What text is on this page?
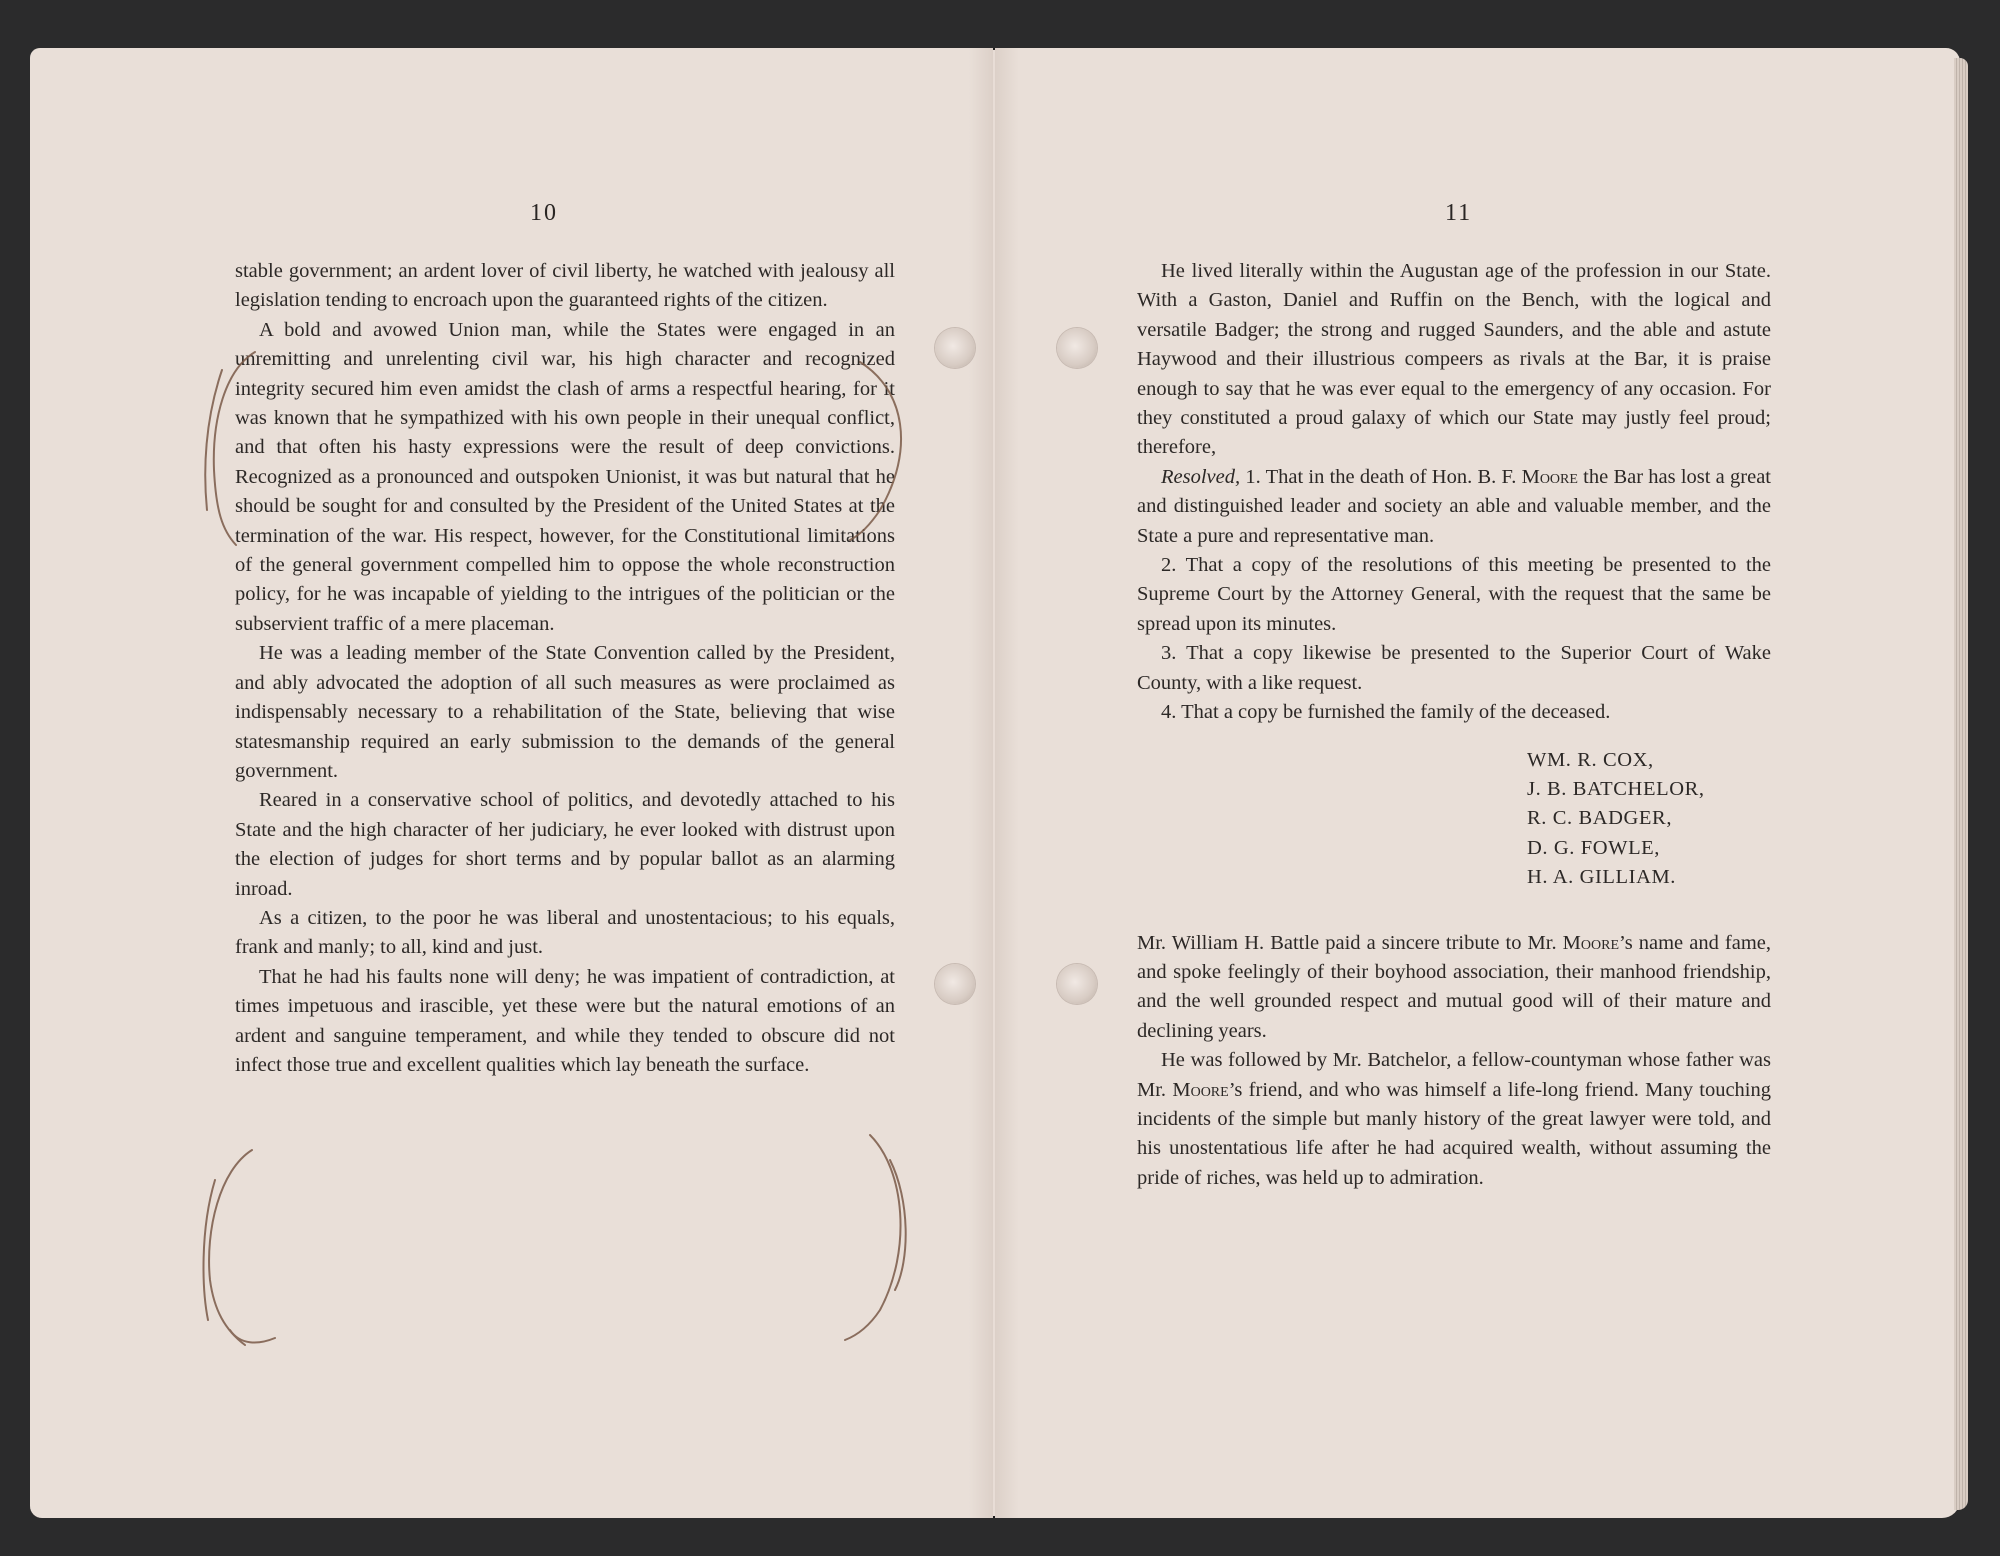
10

stable government; an ardent lover of civil liberty, he watched with jealousy all legislation tending to encroach upon the guaranteed rights of the citizen.

A bold and avowed Union man, while the States were engaged in an unremitting and unrelenting civil war, his high character and recognized integrity secured him even amidst the clash of arms a respectful hearing, for it was known that he sympathized with his own people in their unequal conflict, and that often his hasty expressions were the result of deep convictions. Recognized as a pronounced and outspoken Unionist, it was but natural that he should be sought for and consulted by the President of the United States at the termination of the war. His respect, however, for the Constitutional limitations of the general government compelled him to oppose the whole reconstruction policy, for he was incapable of yielding to the intrigues of the politician or the subservient traffic of a mere placeman.

He was a leading member of the State Convention called by the President, and ably advocated the adoption of all such measures as were proclaimed as indispensably necessary to a rehabilitation of the State, believing that wise statesmanship required an early submission to the demands of the general government.

Reared in a conservative school of politics, and devotedly attached to his State and the high character of her judiciary, he ever looked with distrust upon the election of judges for short terms and by popular ballot as an alarming inroad.

As a citizen, to the poor he was liberal and unostentacious; to his equals, frank and manly; to all, kind and just.

That he had his faults none will deny; he was impatient of contradiction, at times impetuous and irascible, yet these were but the natural emotions of an ardent and sanguine temperament, and while they tended to obscure did not infect those true and excellent qualities which lay beneath the surface.

11

He lived literally within the Augustan age of the profession in our State. With a Gaston, Daniel and Ruffin on the Bench, with the logical and versatile Badger; the strong and rugged Saunders, and the able and astute Haywood and their illustrious compeers as rivals at the Bar, it is praise enough to say that he was ever equal to the emergency of any occasion. For they constituted a proud galaxy of which our State may justly feel proud; therefore,

Resolved, 1. That in the death of Hon. B. F. Moore the Bar has lost a great and distinguished leader and society an able and valuable member, and the State a pure and representative man.

2. That a copy of the resolutions of this meeting be presented to the Supreme Court by the Attorney General, with the request that the same be spread upon its minutes.

3. That a copy likewise be presented to the Superior Court of Wake County, with a like request.

4. That a copy be furnished the family of the deceased.

WM. R. COX,
J. B. BATCHELOR,
R. C. BADGER,
D. G. FOWLE,
H. A. GILLIAM.

Mr. William H. Battle paid a sincere tribute to Mr. Moore’s name and fame, and spoke feelingly of their boyhood association, their manhood friendship, and the well grounded respect and mutual good will of their mature and declining years.

He was followed by Mr. Batchelor, a fellow-countyman whose father was Mr. Moore’s friend, and who was himself a life-long friend. Many touching incidents of the simple but manly history of the great lawyer were told, and his unostentatious life after he had acquired wealth, without assuming the pride of riches, was held up to admiration.
